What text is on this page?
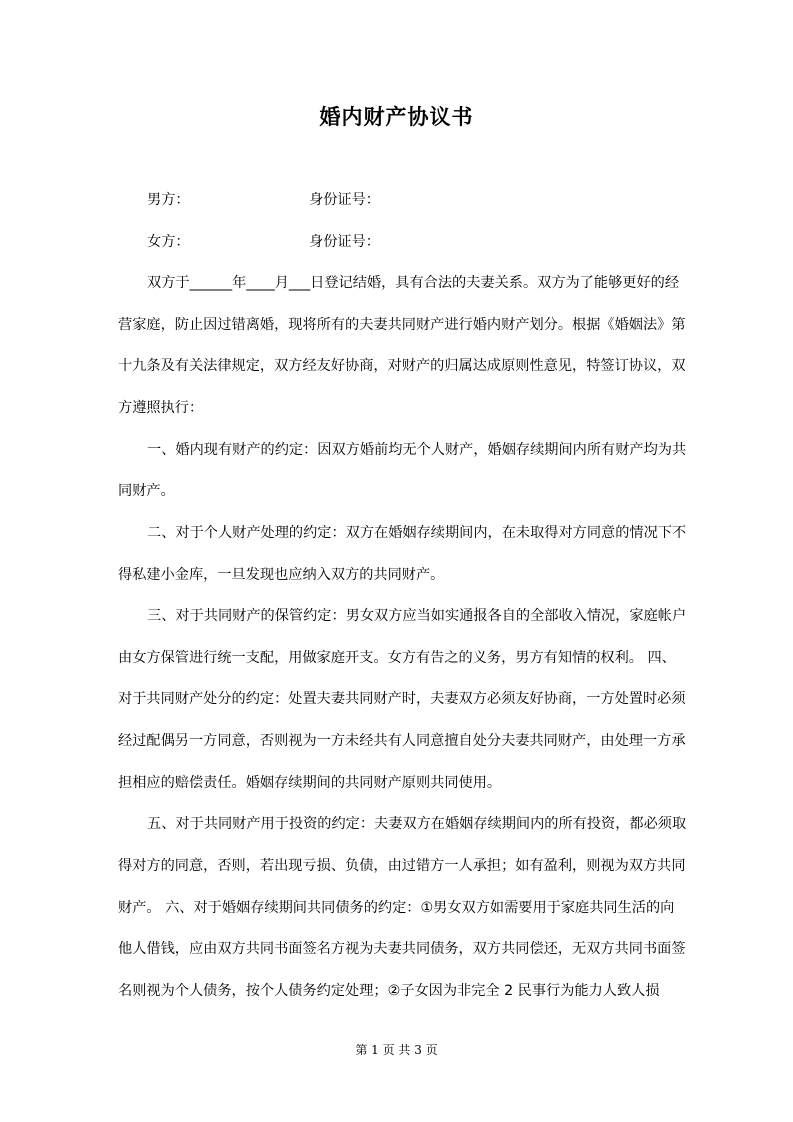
婚内财产协议书
男方：	身份证号：
女方：	身份证号：
双方于______年____月___日登记结婚，具有合法的夫妻关系。双方为了能够更好的经
营家庭，防止因过错离婚，现将所有的夫妻共同财产进行婚内财产划分。根据《婚姻法》第
十九条及有关法律规定，双方经友好协商，对财产的归属达成原则性意见，特签订协议，双
方遵照执行：
一、婚内现有财产的约定：因双方婚前均无个人财产，婚姻存续期间内所有财产均为共
同财产。
二、对于个人财产处理的约定：双方在婚姻存续期间内，在未取得对方同意的情况下不
得私建小金库，一旦发现也应纳入双方的共同财产。
三、对于共同财产的保管约定：男女双方应当如实通报各自的全部收入情况，家庭帐户
由女方保管进行统一支配，用做家庭开支。女方有告之的义务，男方有知情的权利。 四、
对于共同财产处分的约定：处置夫妻共同财产时，夫妻双方必须友好协商，一方处置时必须
经过配偶另一方同意，否则视为一方未经共有人同意擅自处分夫妻共同财产，由处理一方承
担相应的赔偿责任。婚姻存续期间的共同财产原则共同使用。
五、对于共同财产用于投资的约定：夫妻双方在婚姻存续期间内的所有投资，都必须取
得对方的同意，否则，若出现亏损、负债，由过错方一人承担；如有盈利，则视为双方共同
财产。 六、对于婚姻存续期间共同债务的约定：①男女双方如需要用于家庭共同生活的向
他人借钱，应由双方共同书面签名方视为夫妻共同债务，双方共同偿还，无双方共同书面签
名则视为个人债务，按个人债务约定处理；②子女因为非完全 2 民事行为能力人致人损
第 1 页 共 3 页
